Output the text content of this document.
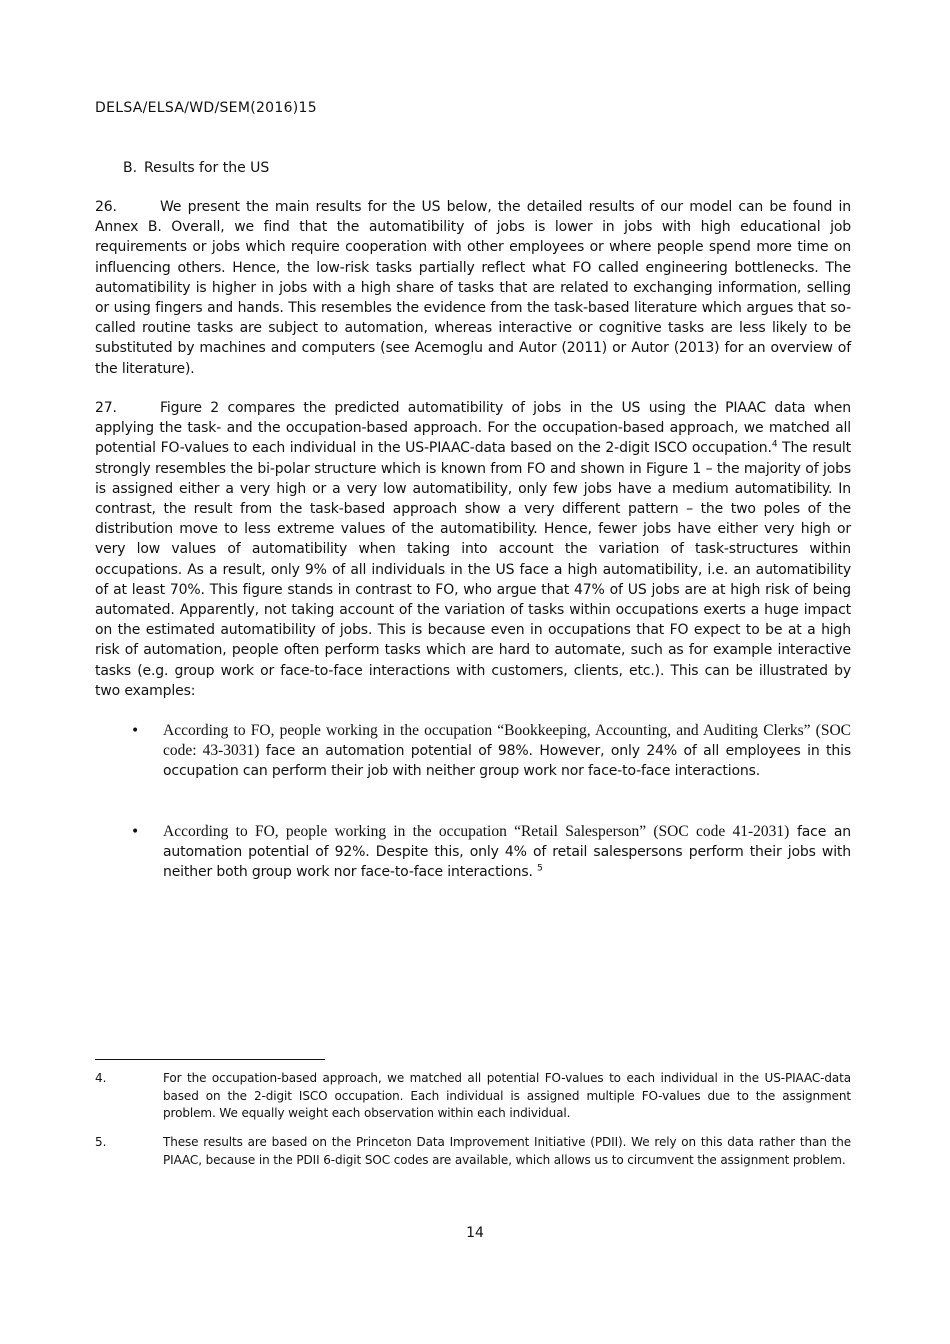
DELSA/ELSA/WD/SEM(2016)15
B. Results for the US
26.	We present the main results for the US below, the detailed results of our model can be found in Annex B. Overall, we find that the automatibility of jobs is lower in jobs with high educational job requirements or jobs which require cooperation with other employees or where people spend more time on influencing others. Hence, the low-risk tasks partially reflect what FO called engineering bottlenecks. The automatibility is higher in jobs with a high share of tasks that are related to exchanging information, selling or using fingers and hands. This resembles the evidence from the task-based literature which argues that so-called routine tasks are subject to automation, whereas interactive or cognitive tasks are less likely to be substituted by machines and computers (see Acemoglu and Autor (2011) or Autor (2013) for an overview of the literature).
27.	Figure 2 compares the predicted automatibility of jobs in the US using the PIAAC data when applying the task- and the occupation-based approach. For the occupation-based approach, we matched all potential FO-values to each individual in the US-PIAAC-data based on the 2-digit ISCO occupation.$^4$ The result strongly resembles the bi-polar structure which is known from FO and shown in Figure 1 – the majority of jobs is assigned either a very high or a very low automatibility, only few jobs have a medium automatibility. In contrast, the result from the task-based approach show a very different pattern – the two poles of the distribution move to less extreme values of the automatibility. Hence, fewer jobs have either very high or very low values of automatibility when taking into account the variation of task-structures within occupations. As a result, only 9% of all individuals in the US face a high automatibility, i.e. an automatibility of at least 70%. This figure stands in contrast to FO, who argue that 47% of US jobs are at high risk of being automated. Apparently, not taking account of the variation of tasks within occupations exerts a huge impact on the estimated automatibility of jobs. This is because even in occupations that FO expect to be at a high risk of automation, people often perform tasks which are hard to automate, such as for example interactive tasks (e.g. group work or face-to-face interactions with customers, clients, etc.). This can be illustrated by two examples:
• According to FO, people working in the occupation “Bookkeeping, Accounting, and Auditing Clerks” (SOC code: 43-3031) face an automation potential of 98%. However, only 24% of all employees in this occupation can perform their job with neither group work nor face-to-face interactions.
• According to FO, people working in the occupation “Retail Salesperson” (SOC code 41-2031) face an automation potential of 92%. Despite this, only 4% of retail salespersons perform their jobs with neither both group work nor face-to-face interactions. $^5$
4.	For the occupation-based approach, we matched all potential FO-values to each individual in the US-PIAAC-data based on the 2-digit ISCO occupation. Each individual is assigned multiple FO-values due to the assignment problem. We equally weight each observation within each individual.
5.	These results are based on the Princeton Data Improvement Initiative (PDII). We rely on this data rather than the PIAAC, because in the PDII 6-digit SOC codes are available, which allows us to circumvent the assignment problem.
14
